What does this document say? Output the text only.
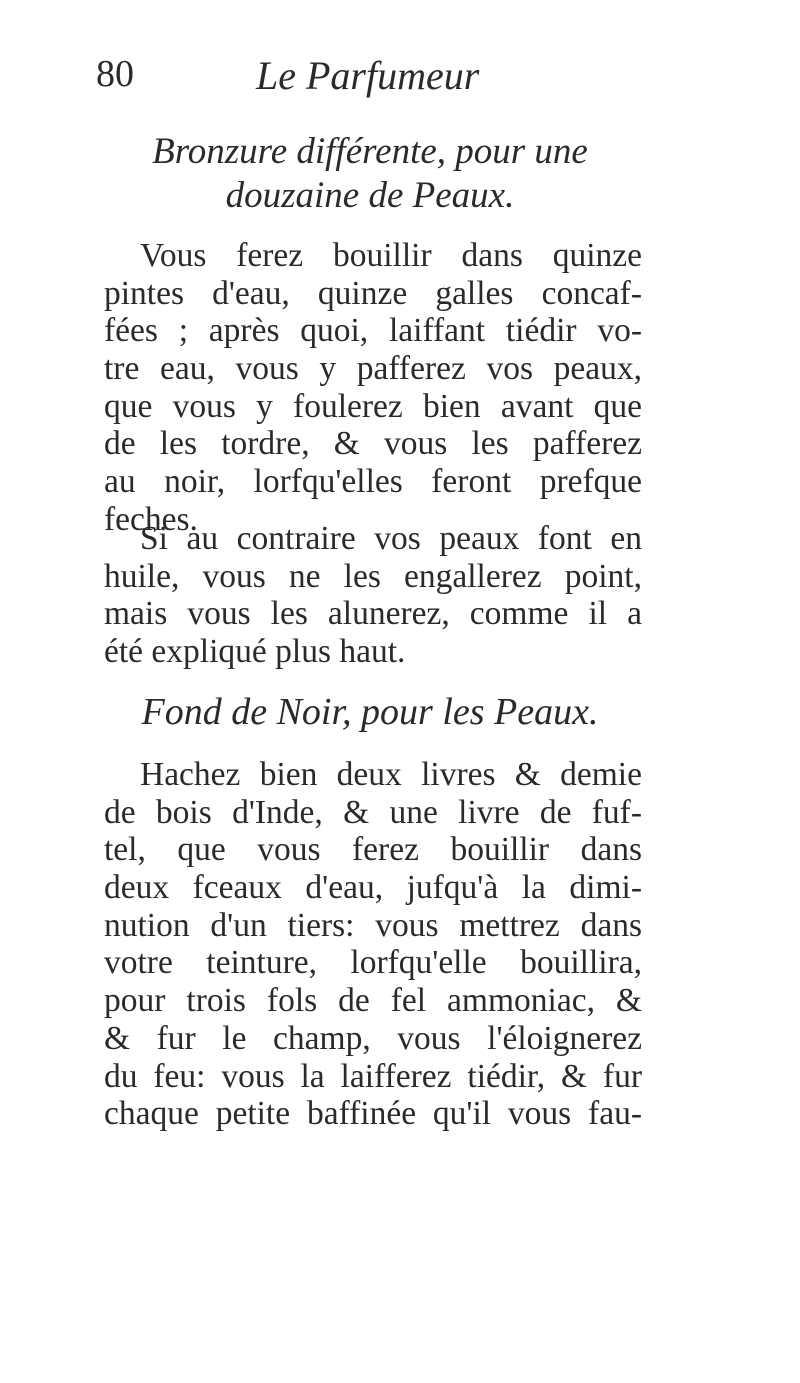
80	Le Parfumeur
Bronzure différente, pour une
douzaine de Peaux.
Vous ferez bouillir dans quinze
pintes d'eau, quinze galles concaf-
fées ; après quoi, laiffant tiédir vo-
tre eau, vous y pafferez vos peaux,
que vous y foulerez bien avant que
de les tordre, & vous les pafferez
au noir, lorfqu'elles feront prefque
feches.
Si au contraire vos peaux font en
huile, vous ne les engallerez point,
mais vous les alunerez, comme il a
été expliqué plus haut.
Fond de Noir, pour les Peaux.
Hachez bien deux livres & demie
de bois d'Inde, & une livre de fuf-
tel, que vous ferez bouillir dans
deux fceaux d'eau, jufqu'à la dimi-
nution d'un tiers: vous mettrez dans
votre teinture, lorfqu'elle bouillira,
pour trois fols de fel ammoniac, &
& fur le champ, vous l'éloignerez
du feu: vous la laifferez tiédir, & fur
chaque petite baffinée qu'il vous fau-
